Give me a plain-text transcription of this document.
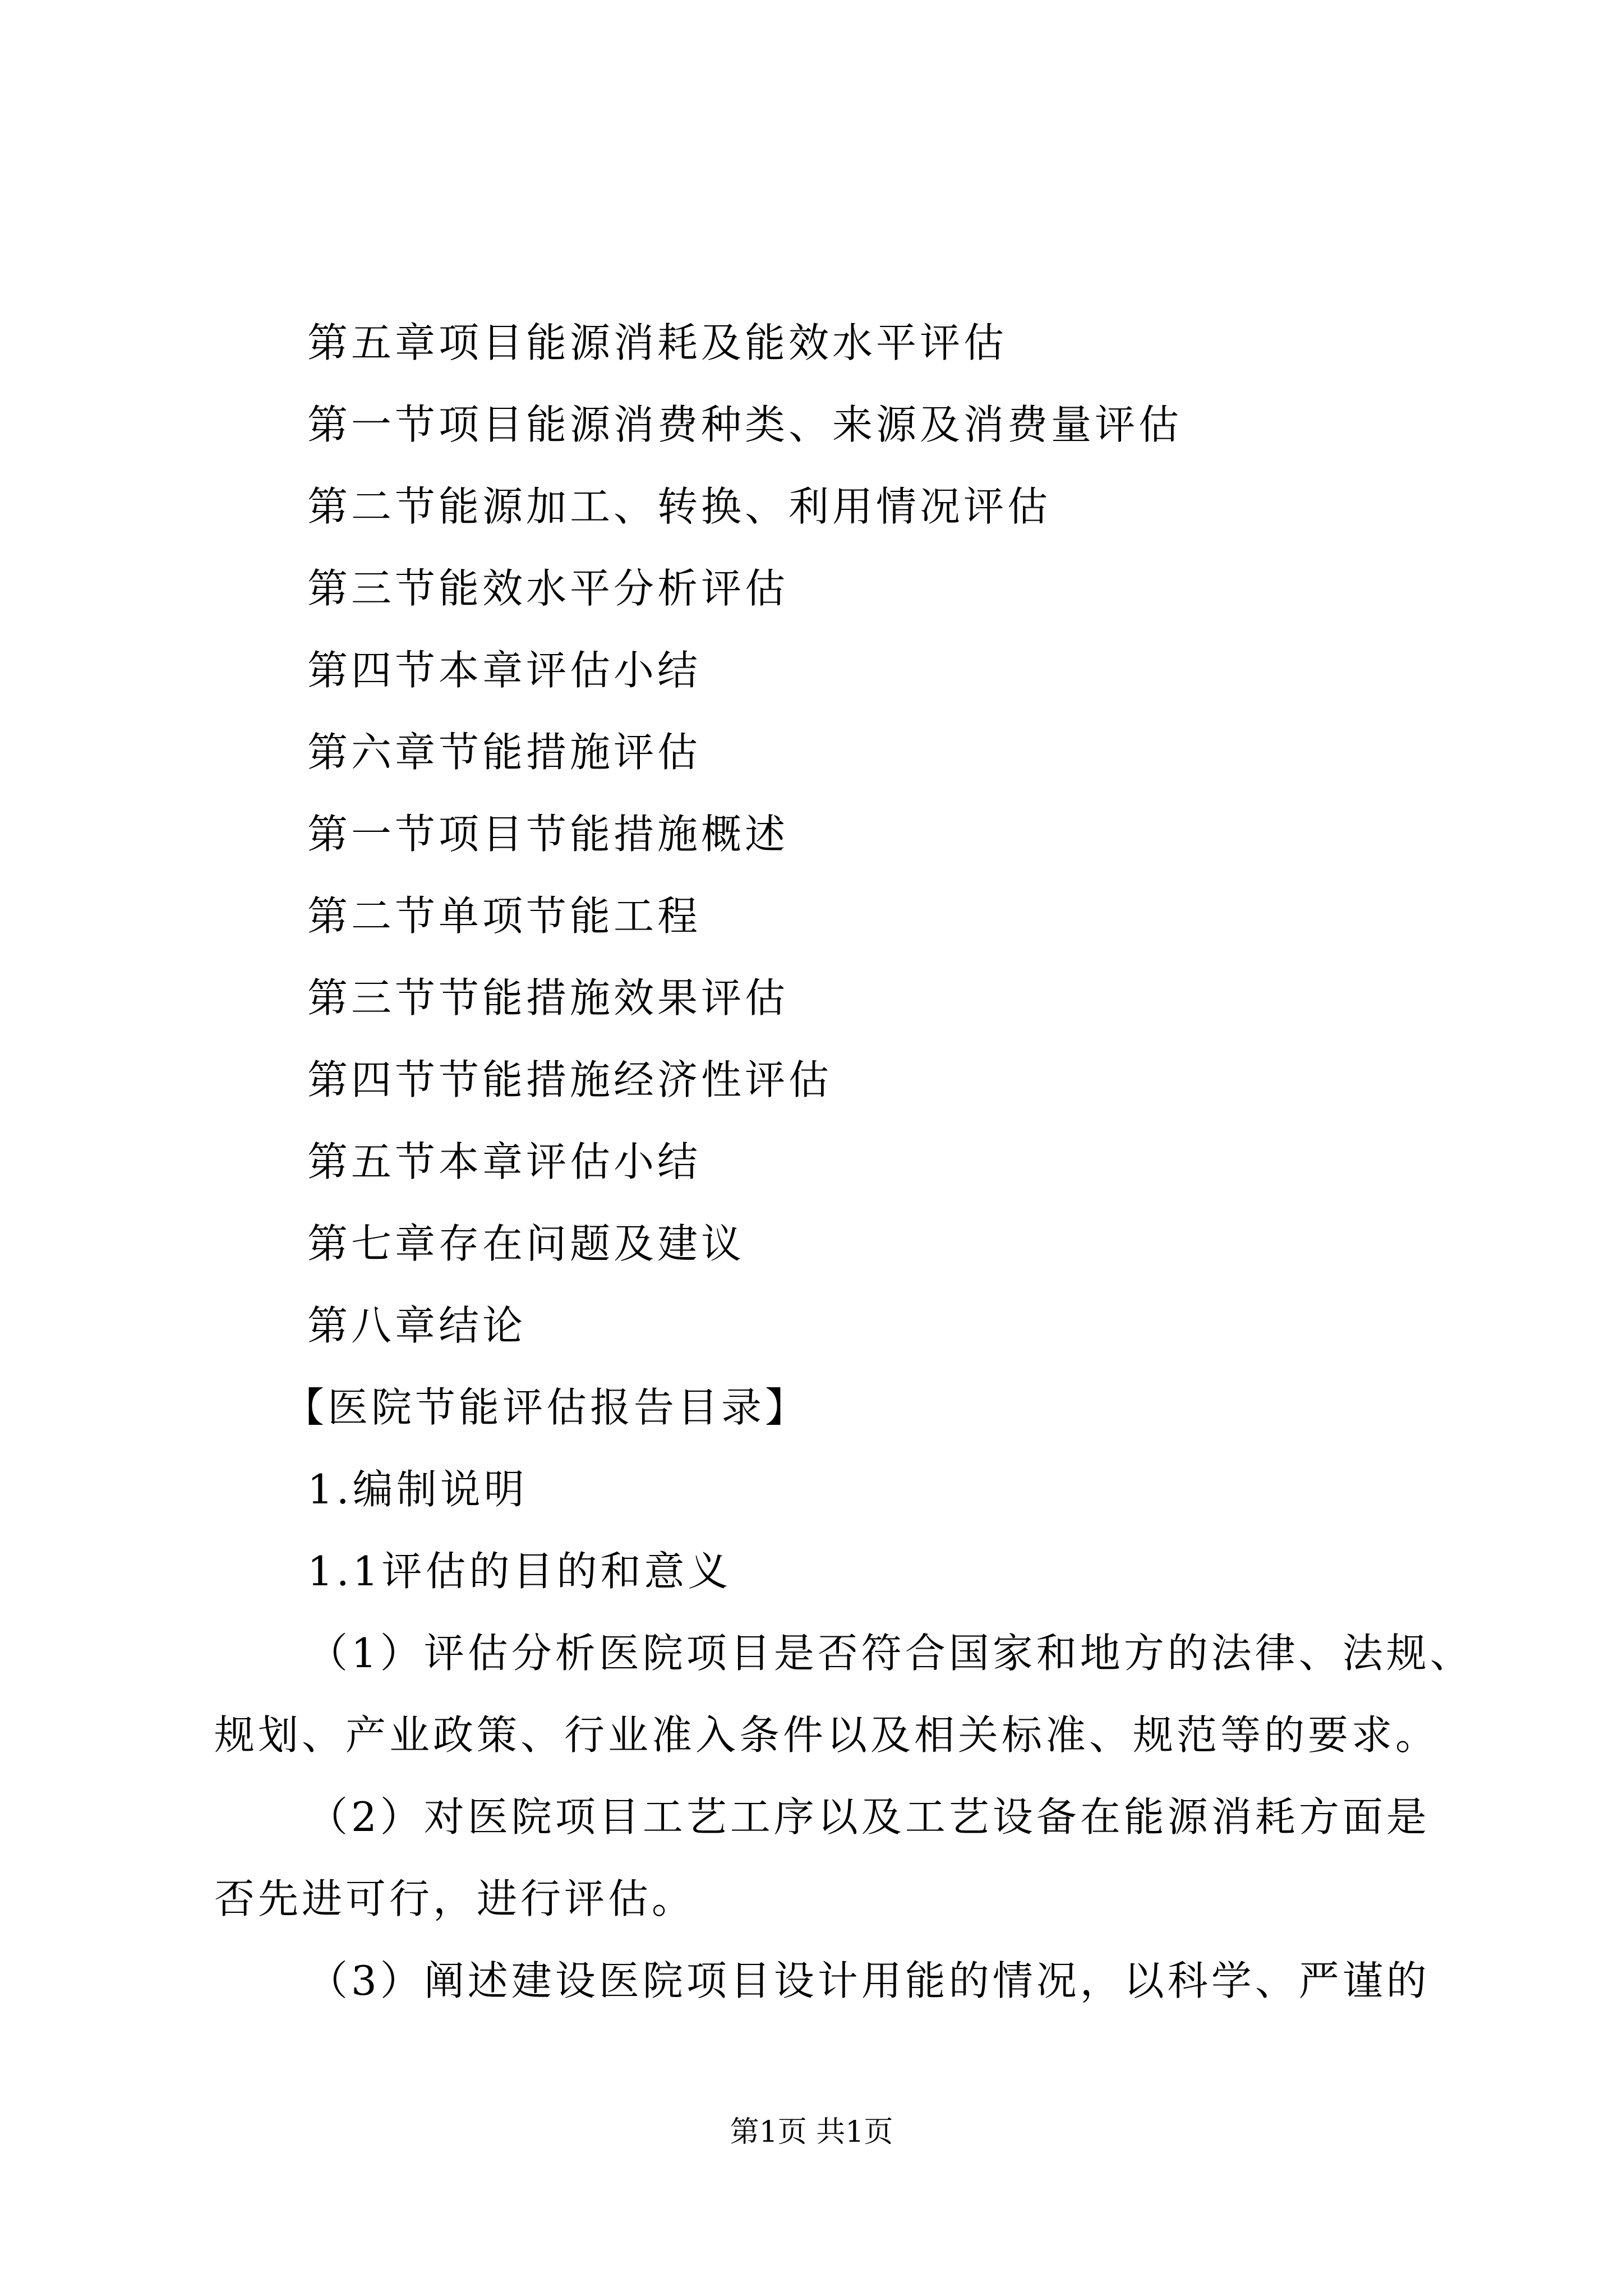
第五章项目能源消耗及能效水平评估
第一节项目能源消费种类、来源及消费量评估
第二节能源加工、转换、利用情况评估
第三节能效水平分析评估
第四节本章评估小结
第六章节能措施评估
第一节项目节能措施概述
第二节单项节能工程
第三节节能措施效果评估
第四节节能措施经济性评估
第五节本章评估小结
第七章存在问题及建议
第八章结论
【医院节能评估报告目录】
1.编制说明
1.1评估的目的和意义
（1）评估分析医院项目是否符合国家和地方的法律、法规、
规划、产业政策、行业准入条件以及相关标准、规范等的要求。
（2）对医院项目工艺工序以及工艺设备在能源消耗方面是
否先进可行，进行评估。
（3）阐述建设医院项目设计用能的情况，以科学、严谨的
第1页 共1页
